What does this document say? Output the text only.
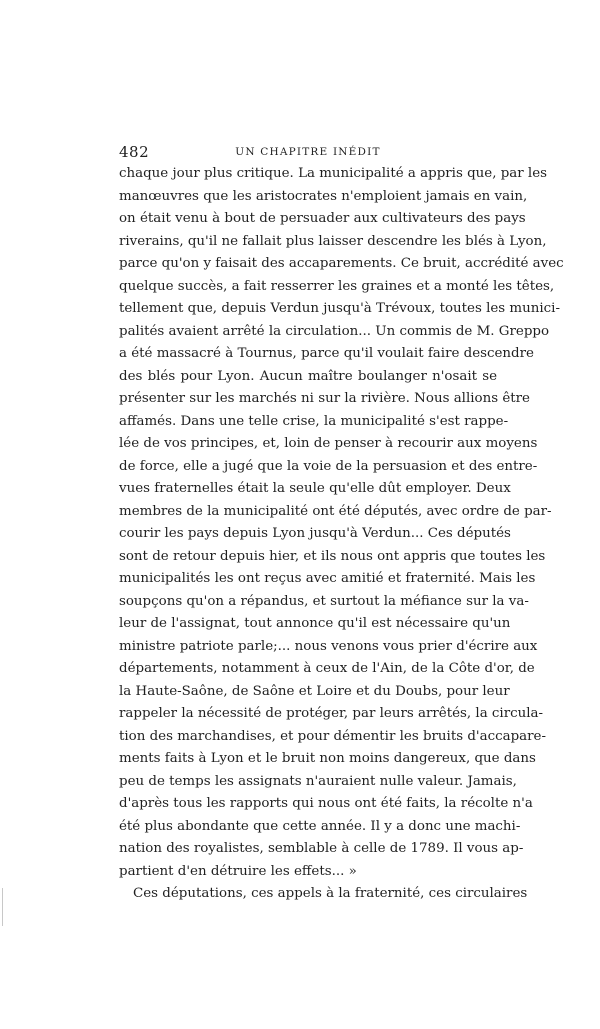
482	UN CHAPITRE INÉDIT
chaque jour plus critique. La municipalité a appris que, par les
manœuvres que les aristocrates n'emploient jamais en vain,
on était venu à bout de persuader aux cultivateurs des pays
riverains, qu'il ne fallait plus laisser descendre les blés à Lyon,
parce qu'on y faisait des accaparements. Ce bruit, accrédité avec
quelque succès, a fait resserrer les graines et a monté les têtes,
tellement que, depuis Verdun jusqu'à Trévoux, toutes les munici-
palités avaient arrêté la circulation... Un commis de M. Greppo
a été massacré à Tournus, parce qu'il voulait faire descendre
des blés pour Lyon. Aucun maître boulanger n'osait se
présenter sur les marchés ni sur la rivière. Nous allions être
affamés. Dans une telle crise, la municipalité s'est rappe-
lée de vos principes, et, loin de penser à recourir aux moyens
de force, elle a jugé que la voie de la persuasion et des entre-
vues fraternelles était la seule qu'elle dût employer. Deux
membres de la municipalité ont été députés, avec ordre de par-
courir les pays depuis Lyon jusqu'à Verdun... Ces députés
sont de retour depuis hier, et ils nous ont appris que toutes les
municipalités les ont reçus avec amitié et fraternité. Mais les
soupçons qu'on a répandus, et surtout la méfiance sur la va-
leur de l'assignat, tout annonce qu'il est nécessaire qu'un
ministre patriote parle;... nous venons vous prier d'écrire aux
départements, notamment à ceux de l'Ain, de la Côte d'or, de
la Haute-Saône, de Saône et Loire et du Doubs, pour leur
rappeler la nécessité de protéger, par leurs arrêtés, la circula-
tion des marchandises, et pour démentir les bruits d'accapare-
ments faits à Lyon et le bruit non moins dangereux, que dans
peu de temps les assignats n'auraient nulle valeur. Jamais,
d'après tous les rapports qui nous ont été faits, la récolte n'a
été plus abondante que cette année. Il y a donc une machi-
nation des royalistes, semblable à celle de 1789. Il vous ap-
partient d'en détruire les effets... »
Ces députations, ces appels à la fraternité, ces circulaires
